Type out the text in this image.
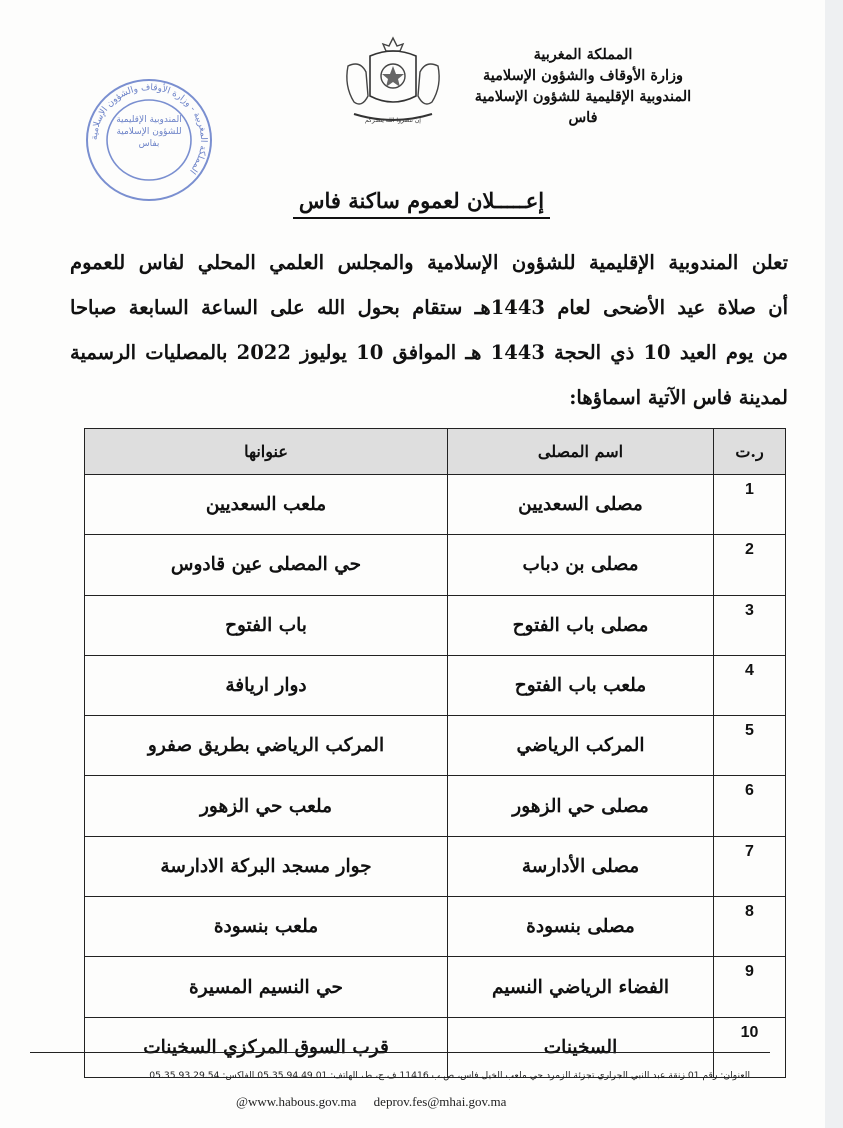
إن تنصروا الله ينصركم
المملكة المغربية - وزارة الأوقاف والشؤون الإسلامية
المندوبية الإقليمية للشؤون الإسلامية بفاس
المملكة المغربية
وزارة الأوقاف والشؤون الإسلامية
المندوبية الإقليمية للشؤون الإسلامية
فاس
إعـــــلان لعموم ساكنة فاس
تعلن المندوبية الإقليمية للشؤون الإسلامية والمجلس العلمي المحلي لفاس للعموم
أن صلاة عيد الأضحى لعام 1443هـ ستقام بحول الله على الساعة السابعة صباحا
من يوم العيد 10 ذي الحجة 1443 هـ الموافق 10 يوليوز 2022 بالمصليات الرسمية
لمدينة فاس الآتية اسماؤها:
ر.ت	اسم المصلى	عنوانها
1	مصلى السعديين	ملعب السعديين
2	مصلى بن دباب	حي المصلى عين قادوس
3	مصلى باب الفتوح	باب الفتوح
4	ملعب باب الفتوح	دوار اريافة
5	المركب الرياضي	المركب الرياضي بطريق صفرو
6	مصلى حي الزهور	ملعب حي الزهور
7	مصلى الأدارسة	جوار مسجد البركة الادارسة
8	مصلى بنسودة	ملعب بنسودة
9	الفضاء الرياضي النسيم	حي النسيم المسيرة
10	السخينات	قرب السوق المركزي السخينات
العنوان: رقم 01 زنقة عبد النبي الجراري تجزئة الزمرد حي ملعب الخيل فاس، ص.ب 11416 ف.ج، ط، الهاتف: 05.35.94.49.01 الفاكس: 05.35.93.29.54
@www.habous.gov.ma deprov.fes@mhai.gov.ma
